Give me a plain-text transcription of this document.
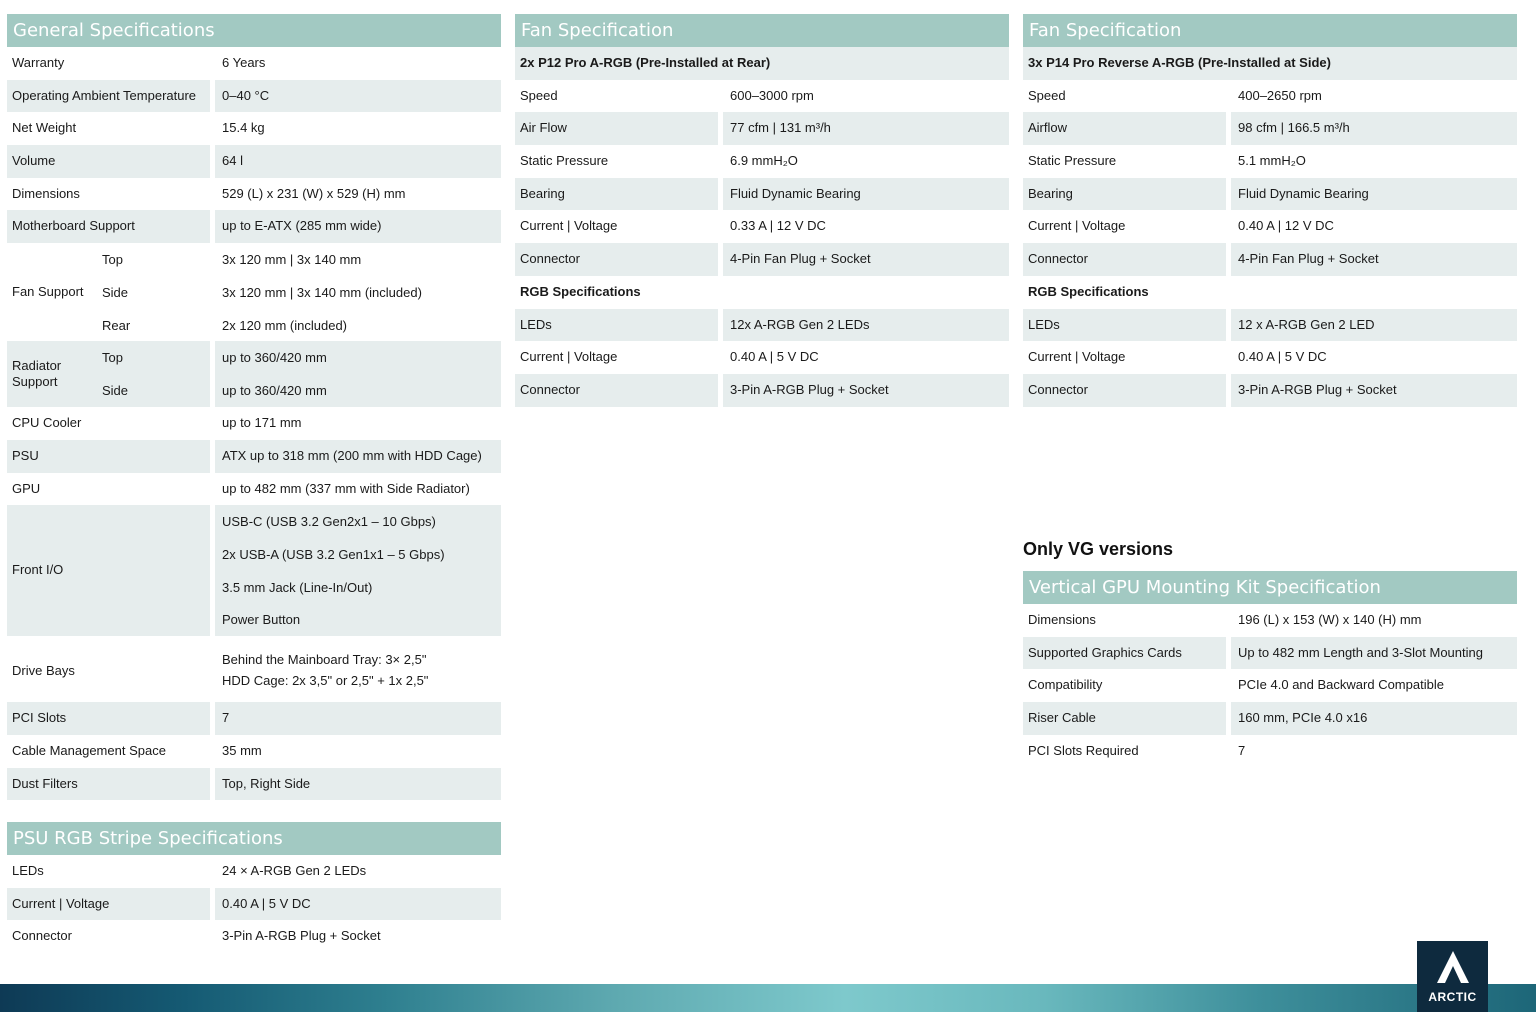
General Specifications
Warranty	6 Years
Operating Ambient Temperature 0–40 °C
Net Weight	15.4 kg
Volume	64 l
Dimensions	529 (L) x 231 (W) x 529 (H) mm
Motherboard Support	up to E-ATX (285 mm wide)
Fan Support
Top	3x 120 mm | 3x 140 mm
Side	3x 120 mm | 3x 140 mm (included)
Rear	2x 120 mm (included)
Radiator
Support
Top	up to 360/420 mm
Side	up to 360/420 mm
CPU Cooler	up to 171 mm
PSU	ATX up to 318 mm (200 mm with HDD Cage)
GPU	up to 482 mm (337 mm with Side Radiator)
Front I/O
USB-C (USB 3.2 Gen2x1 – 10 Gbps)
2x USB-A (USB 3.2 Gen1x1 – 5 Gbps)
3.5 mm Jack (Line-In/Out)
Power Button
Drive Bays
Behind the Mainboard Tray: 3× 2,5"
HDD Cage: 2x 3,5" or 2,5" + 1x 2,5"
PCI Slots	7
Cable Management Space	35 mm
Dust Filters	Top, Right Side
PSU RGB Stripe Specifications
LEDs	24 × A-RGB Gen 2 LEDs
Current | Voltage	0.40 A | 5 V DC
Connector	3-Pin A-RGB Plug + Socket
Fan Specification
2x P12 Pro A-RGB (Pre-Installed at Rear)
Speed	600–3000 rpm
Air Flow	77 cfm | 131 m³/h
Static Pressure	6.9 mmH₂O
Bearing	Fluid Dynamic Bearing
Current | Voltage	0.33 A | 12 V DC
Connector	4-Pin Fan Plug + Socket
RGB Specifications
LEDs	12x A-RGB Gen 2 LEDs
Current | Voltage	0.40 A | 5 V DC
Connector	3-Pin A-RGB Plug + Socket
Fan Specification
3x P14 Pro Reverse A-RGB (Pre-Installed at Side)
Speed	400–2650 rpm
Airflow	98 cfm | 166.5 m³/h
Static Pressure	5.1 mmH₂O
Bearing	Fluid Dynamic Bearing
Current | Voltage	0.40 A | 12 V DC
Connector	4-Pin Fan Plug + Socket
RGB Specifications
LEDs	12 x A-RGB Gen 2 LED
Current | Voltage	0.40 A | 5 V DC
Connector	3-Pin A-RGB Plug + Socket
Only VG versions
Vertical GPU Mounting Kit Specification
Dimensions	196 (L) x 153 (W) x 140 (H) mm
Supported Graphics Cards	Up to 482 mm Length and 3-Slot Mounting
Compatibility	PCIe 4.0 and Backward Compatible
Riser Cable	160 mm, PCIe 4.0 x16
PCI Slots Required	7
ARCTIC
